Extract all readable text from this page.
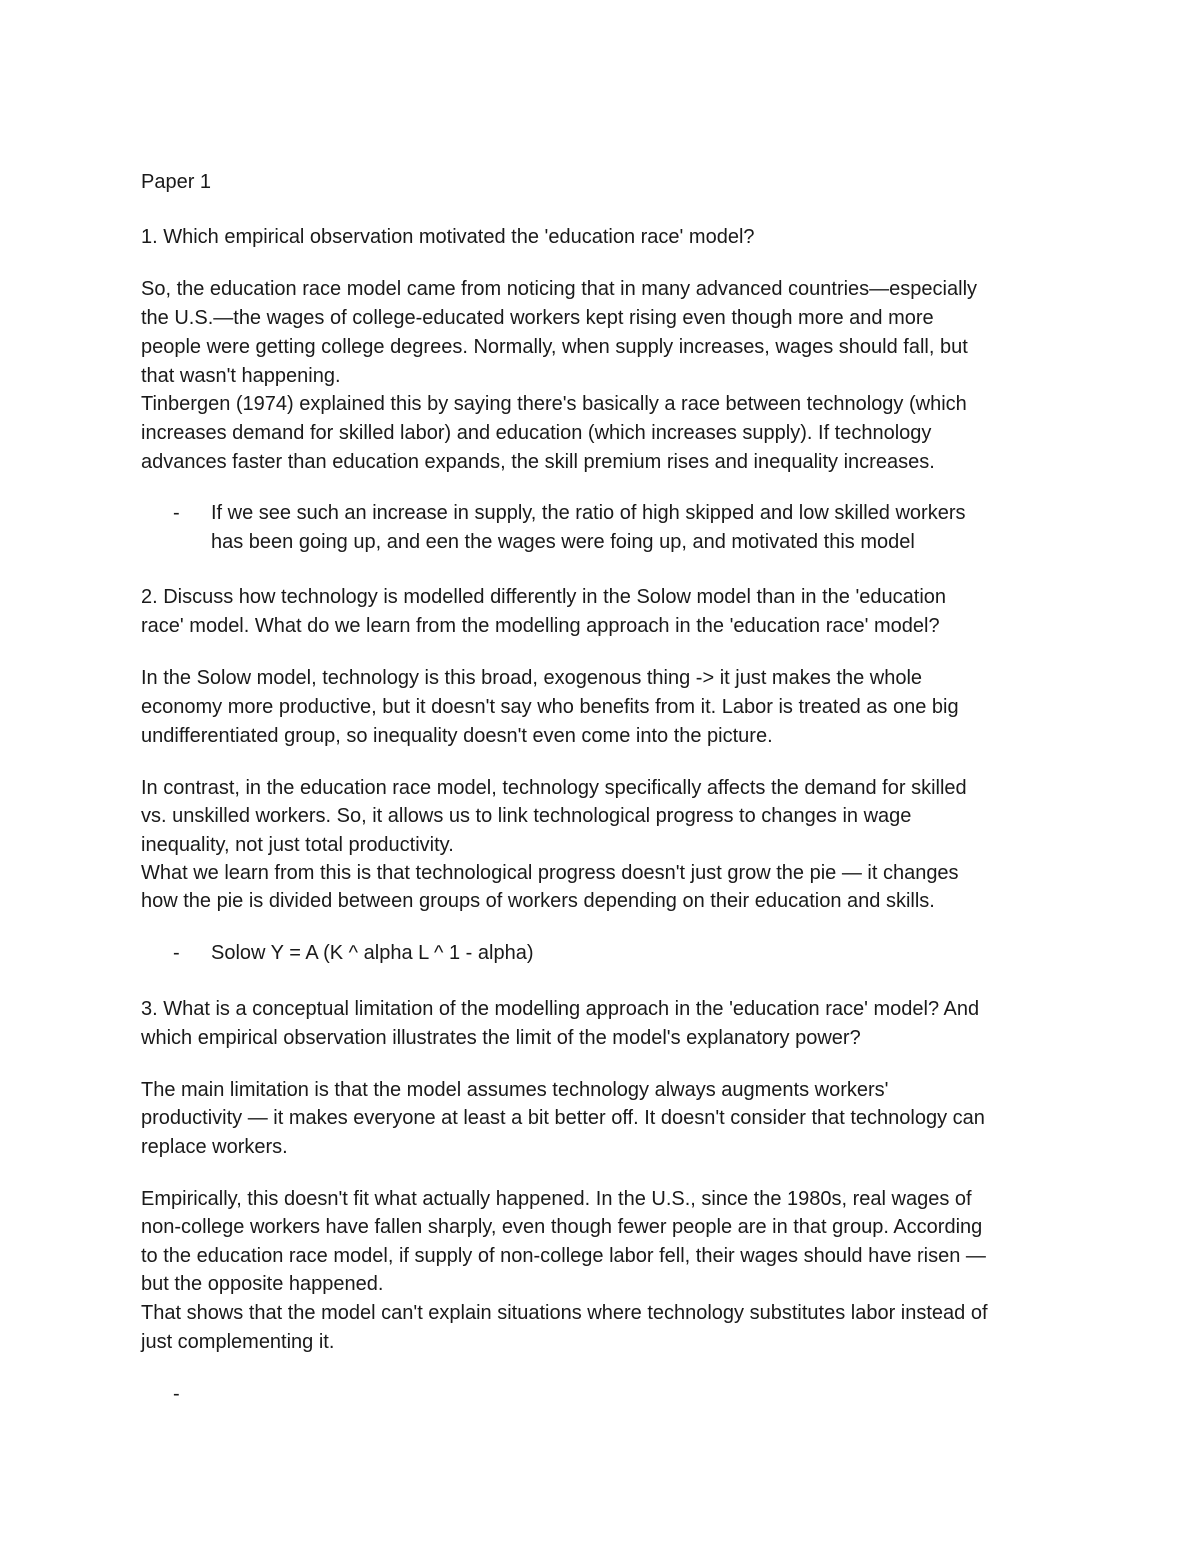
Paper 1

1. Which empirical observation motivated the 'education race' model?

So, the education race model came from noticing that in many advanced countries—especially

the U.S.—the wages of college-educated workers kept rising even though more and more

people were getting college degrees. Normally, when supply increases, wages should fall, but

that wasn't happening.

Tinbergen (1974) explained this by saying there's basically a race between technology (which

increases demand for skilled labor) and education (which increases supply). If technology

advances faster than education expands, the skill premium rises and inequality increases.

- If we see such an increase in supply, the ratio of high skipped and low skilled workers

has been going up, and een the wages were foing up, and motivated this model

2. Discuss how technology is modelled differently in the Solow model than in the 'education

race' model. What do we learn from the modelling approach in the 'education race' model?

In the Solow model, technology is this broad, exogenous thing -> it just makes the whole

economy more productive, but it doesn't say who benefits from it. Labor is treated as one big

undifferentiated group, so inequality doesn't even come into the picture.

In contrast, in the education race model, technology specifically affects the demand for skilled

vs. unskilled workers. So, it allows us to link technological progress to changes in wage

inequality, not just total productivity.

What we learn from this is that technological progress doesn't just grow the pie — it changes

how the pie is divided between groups of workers depending on their education and skills.

- Solow Y = A (K ^ alpha L ^ 1 - alpha)

3. What is a conceptual limitation of the modelling approach in the 'education race' model? And

which empirical observation illustrates the limit of the model's explanatory power?

The main limitation is that the model assumes technology always augments workers'

productivity — it makes everyone at least a bit better off. It doesn't consider that technology can

replace workers.

Empirically, this doesn't fit what actually happened. In the U.S., since the 1980s, real wages of

non-college workers have fallen sharply, even though fewer people are in that group. According

to the education race model, if supply of non-college labor fell, their wages should have risen —

but the opposite happened.

That shows that the model can't explain situations where technology substitutes labor instead of

just complementing it.

-
